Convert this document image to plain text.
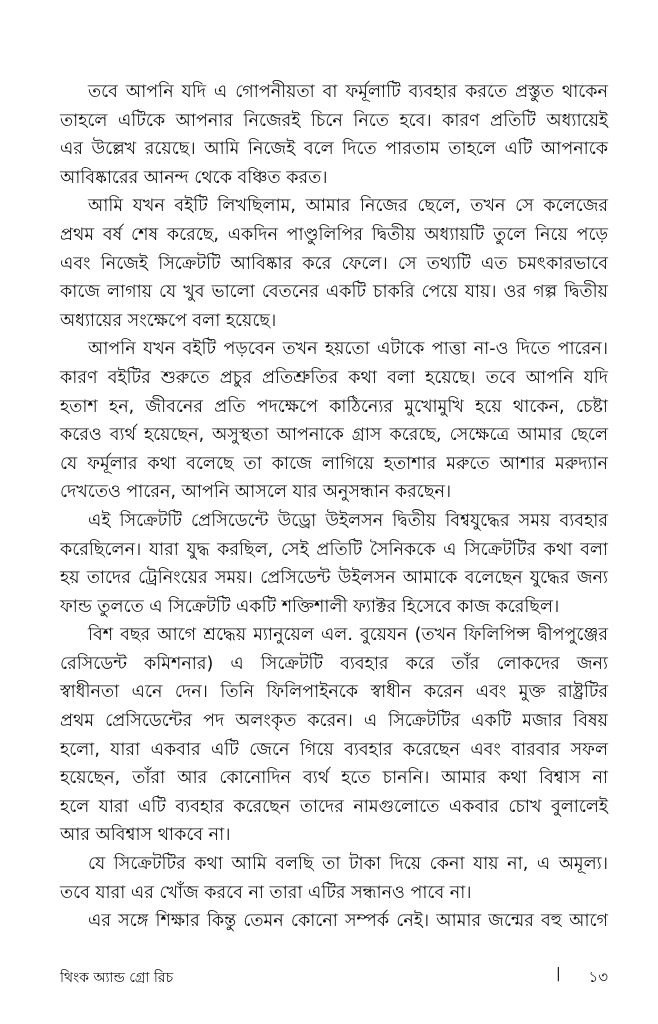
তবে আপনি যদি এ গোপনীয়তা বা ফর্মূলাটি ব্যবহার করতে প্রস্তুত থাকেন
তাহলে এটিকে আপনার নিজেরই চিনে নিতে হবে। কারণ প্রতিটি অধ্যায়েই
এর উল্লেখ রয়েছে। আমি নিজেই বলে দিতে পারতাম তাহলে এটি আপনাকে
আবিষ্কারের আনন্দ থেকে বঞ্চিত করত।
আমি যখন বইটি লিখছিলাম, আমার নিজের ছেলে, তখন সে কলেজের
প্রথম বর্ষ শেষ করেছে, একদিন পাণ্ডুলিপির দ্বিতীয় অধ্যায়টি তুলে নিয়ে পড়ে
এবং নিজেই সিক্রেটটি আবিষ্কার করে ফেলে। সে তথ্যটি এত চমৎকারভাবে
কাজে লাগায় যে খুব ভালো বেতনের একটি চাকরি পেয়ে যায়। ওর গল্প দ্বিতীয়
অধ্যায়ের সংক্ষেপে বলা হয়েছে।
আপনি যখন বইটি পড়বেন তখন হয়তো এটাকে পাত্তা না-ও দিতে পারেন।
কারণ বইটির শুরুতে প্রচুর প্রতিশ্রুতির কথা বলা হয়েছে। তবে আপনি যদি
হতাশ হন, জীবনের প্রতি পদক্ষেপে কাঠিন্যের মুখোমুখি হয়ে থাকেন, চেষ্টা
করেও ব্যর্থ হয়েছেন, অসুস্থতা আপনাকে গ্রাস করেছে, সেক্ষেত্রে আমার ছেলে
যে ফর্মূলার কথা বলেছে তা কাজে লাগিয়ে হতাশার মরুতে আশার মরুদ্যান
দেখতেও পারেন, আপনি আসলে যার অনুসন্ধান করছেন।
এই সিক্রেটটি প্রেসিডেন্টে উড্রো উইলসন দ্বিতীয় বিশ্বযুদ্ধের সময় ব্যবহার
করেছিলেন। যারা যুদ্ধ করছিল, সেই প্রতিটি সৈনিককে এ সিক্রেটটির কথা বলা
হয় তাদের ট্রেনিংয়ের সময়। প্রেসিডেন্ট উইলসন আমাকে বলেছেন যুদ্ধের জন্য
ফান্ড তুলতে এ সিক্রেটটি একটি শক্তিশালী ফ্যাক্টর হিসেবে কাজ করেছিল।
বিশ বছর আগে শ্রদ্ধেয় ম্যানুয়েল এল. বুয়েযন (তখন ফিলিপিন্স দ্বীপপুঞ্জের
রেসিডেন্ট কমিশনার) এ সিক্রেটটি ব্যবহার করে তাঁর লোকদের জন্য
স্বাধীনতা এনে দেন। তিনি ফিলিপাইনকে স্বাধীন করেন এবং মুক্ত রাষ্ট্রটির
প্রথম প্রেসিডেন্টের পদ অলংকৃত করেন। এ সিক্রেটটির একটি মজার বিষয়
হলো, যারা একবার এটি জেনে গিয়ে ব্যবহার করেছেন এবং বারবার সফল
হয়েছেন, তাঁরা আর কোনোদিন ব্যর্থ হতে চাননি। আমার কথা বিশ্বাস না
হলে যারা এটি ব্যবহার করেছেন তাদের নামগুলোতে একবার চোখ বুলালেই
আর অবিশ্বাস থাকবে না।
যে সিক্রেটটির কথা আমি বলছি তা টাকা দিয়ে কেনা যায় না, এ অমূল্য।
তবে যারা এর খোঁজ করবে না তারা এটির সন্ধানও পাবে না।
এর সঙ্গে শিক্ষার কিন্তু তেমন কোনো সম্পর্ক নেই। আমার জন্মের বহু আগে
থিংক অ্যান্ড গ্রো রিচ	| ১৩
